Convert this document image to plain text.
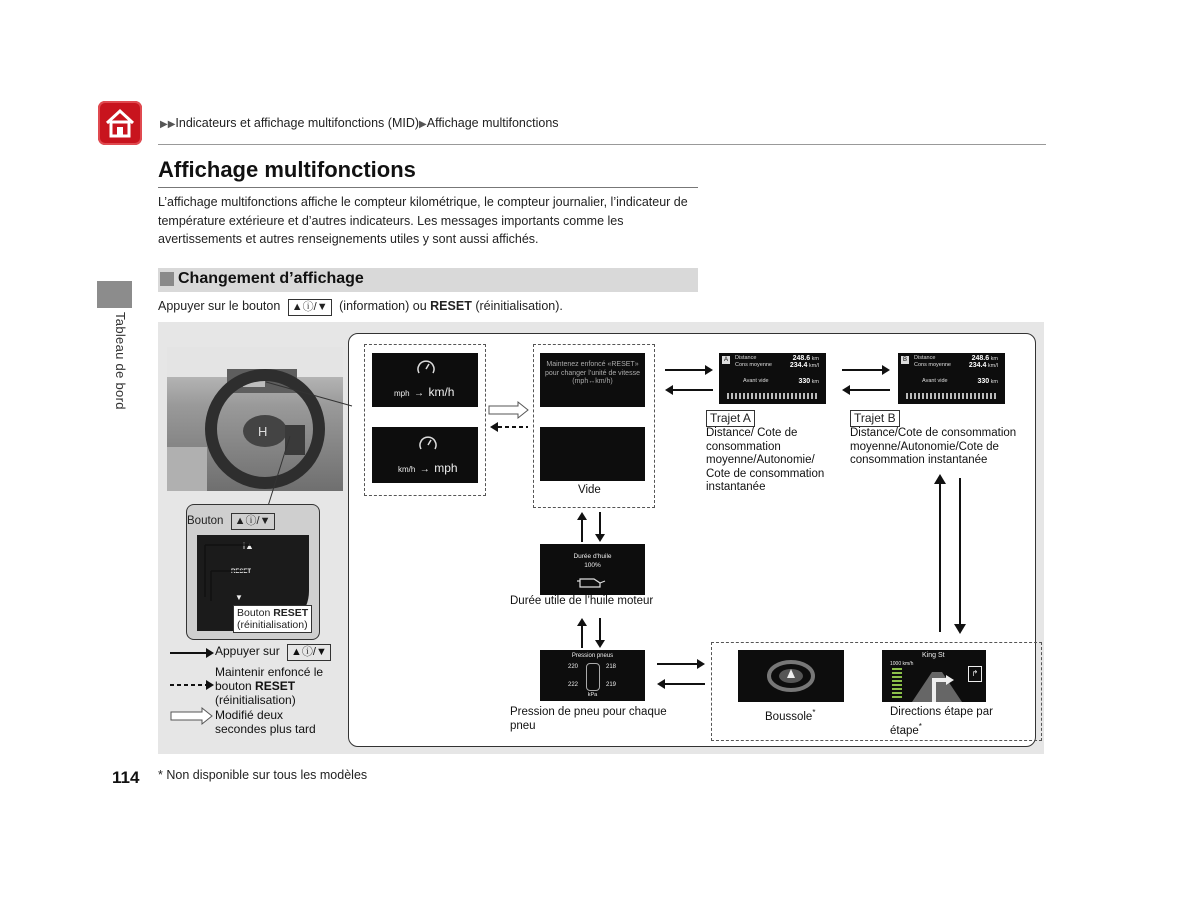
▶▶Indicateurs et affichage multifonctions (MID)▶Affichage multifonctions
Tableau de bord
Affichage multifonctions
L’affichage multifonctions affiche le compteur kilométrique, le compteur journalier, l’indicateur de température extérieure et d’autres indicateurs. Les messages importants comme les avertissements et autres renseignements utiles y sont aussi affichés.
Changement d’affichage
Appuyer sur le bouton ▲ⓘ/▼ (information) ou RESET (réinitialisation).
H
Bouton ▲ⓘ/▼
i▲
RESET
▼
Bouton RESET
(réinitialisation)
Appuyer sur ▲ⓘ/▼
Maintenir enfoncé le bouton RESET (réinitialisation)
Modifié deux secondes plus tard
mph → km/h
km/h → mph
Maintenez enfoncé «RESET» pour changer l’unité de vitesse (mph↔km/h)
Vide
A	Distance	248.6 km
Cons moyenne	234.4 km/l
Avant vide	330 km
Trajet A
Distance/ Cote de consommation moyenne/Autonomie/ Cote de consommation instantanée
B	Distance	248.6 km
Cons moyenne	234.4 km/l
Avant vide	330 km
Trajet B
Distance/Cote de consommation moyenne/Autonomie/Cote de consommation instantanée
Durée d'huile
100%
Durée utile de l’huile moteur
Pression pneus
220	218
222	219
kPa
Pression de pneu pour chaque pneu
Boussole*
King St
1000 km/h
↱
Directions étape par étape*
114 * Non disponible sur tous les modèles
